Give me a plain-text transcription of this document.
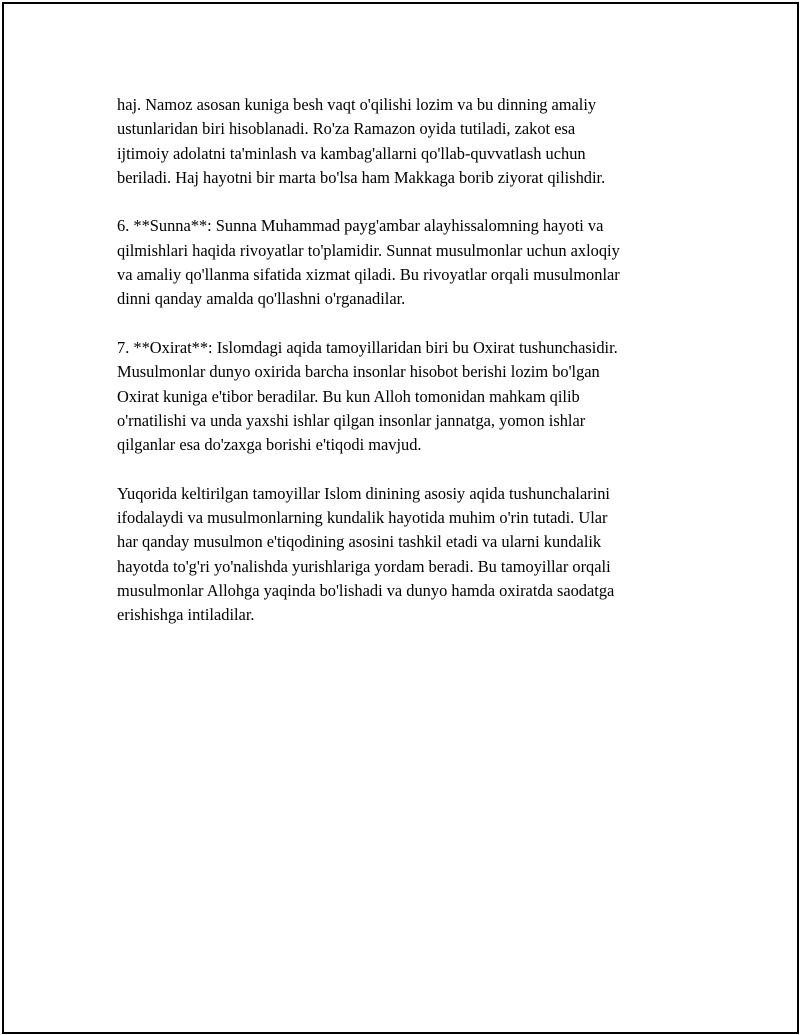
haj. Namoz asosan kuniga besh vaqt o'qilishi lozim va bu dinning amaliy
ustunlaridan biri hisoblanadi. Ro'za Ramazon oyida tutiladi, zakot esa
ijtimoiy adolatni ta'minlash va kambag'allarni qo'llab-quvvatlash uchun
beriladi. Haj hayotni bir marta bo'lsa ham Makkaga borib ziyorat qilishdir.

6. **Sunna**: Sunna Muhammad payg'ambar alayhissalomning hayoti va
qilmishlari haqida rivoyatlar to'plamidir. Sunnat musulmonlar uchun axloqiy
va amaliy qo'llanma sifatida xizmat qiladi. Bu rivoyatlar orqali musulmonlar
dinni qanday amalda qo'llashni o'rganadilar.

7. **Oxirat**: Islomdagi aqida tamoyillaridan biri bu Oxirat tushunchasidir.
Musulmonlar dunyo oxirida barcha insonlar hisobot berishi lozim bo'lgan
Oxirat kuniga e'tibor beradilar. Bu kun Alloh tomonidan mahkam qilib
o'rnatilishi va unda yaxshi ishlar qilgan insonlar jannatga, yomon ishlar
qilganlar esa do'zaxga borishi e'tiqodi mavjud.

Yuqorida keltirilgan tamoyillar Islom dinining asosiy aqida tushunchalarini
ifodalaydi va musulmonlarning kundalik hayotida muhim o'rin tutadi. Ular
har qanday musulmon e'tiqodining asosini tashkil etadi va ularni kundalik
hayotda to'g'ri yo'nalishda yurishlariga yordam beradi. Bu tamoyillar orqali
musulmonlar Allohga yaqinda bo'lishadi va dunyo hamda oxiratda saodatga
erishishga intiladilar.
